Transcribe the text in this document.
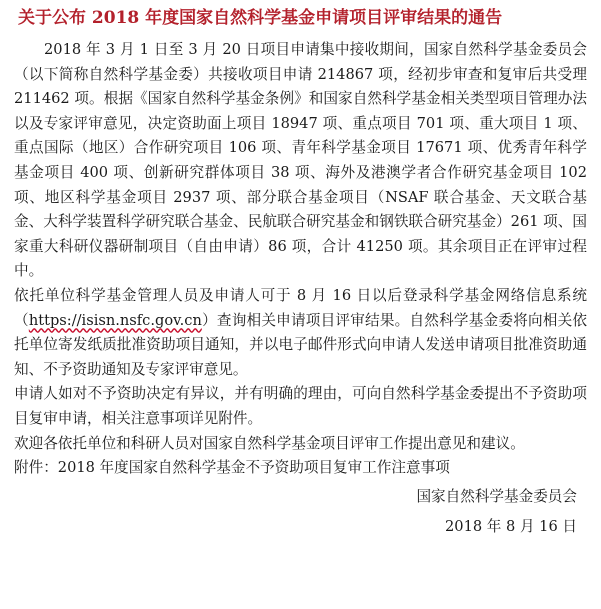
关于公布 2018 年度国家自然科学基金申请项目评审结果的通告

2018 年 3 月 1 日至 3 月 20 日项目申请集中接收期间，国家自然科学基金委员会（以下简称自然科学基金委）共接收项目申请 214867 项，经初步审查和复审后共受理 211462 项。根据《国家自然科学基金条例》和国家自然科学基金相关类型项目管理办法以及专家评审意见，决定资助面上项目 18947 项、重点项目 701 项、重大项目 1 项、重点国际（地区）合作研究项目 106 项、青年科学基金项目 17671 项、优秀青年科学基金项目 400 项、创新研究群体项目 38 项、海外及港澳学者合作研究基金项目 102 项、地区科学基金项目 2937 项、部分联合基金项目（NSAF 联合基金、天文联合基金、大科学装置科学研究联合基金、民航联合研究基金和钢铁联合研究基金）261 项、国家重大科研仪器研制项目（自由申请）86 项，合计 41250 项。其余项目正在评审过程中。

依托单位科学基金管理人员及申请人可于 8 月 16 日以后登录科学基金网络信息系统（https://isisn.nsfc.gov.cn）查询相关申请项目评审结果。自然科学基金委将向相关依托单位寄发纸质批准资助项目通知，并以电子邮件形式向申请人发送申请项目批准资助通知、不予资助通知及专家评审意见。

申请人如对不予资助决定有异议，并有明确的理由，可向自然科学基金委提出不予资助项目复审申请，相关注意事项详见附件。

欢迎各依托单位和科研人员对国家自然科学基金项目评审工作提出意见和建议。

附件：2018 年度国家自然科学基金不予资助项目复审工作注意事项

国家自然科学基金委员会
2018 年 8 月 16 日
